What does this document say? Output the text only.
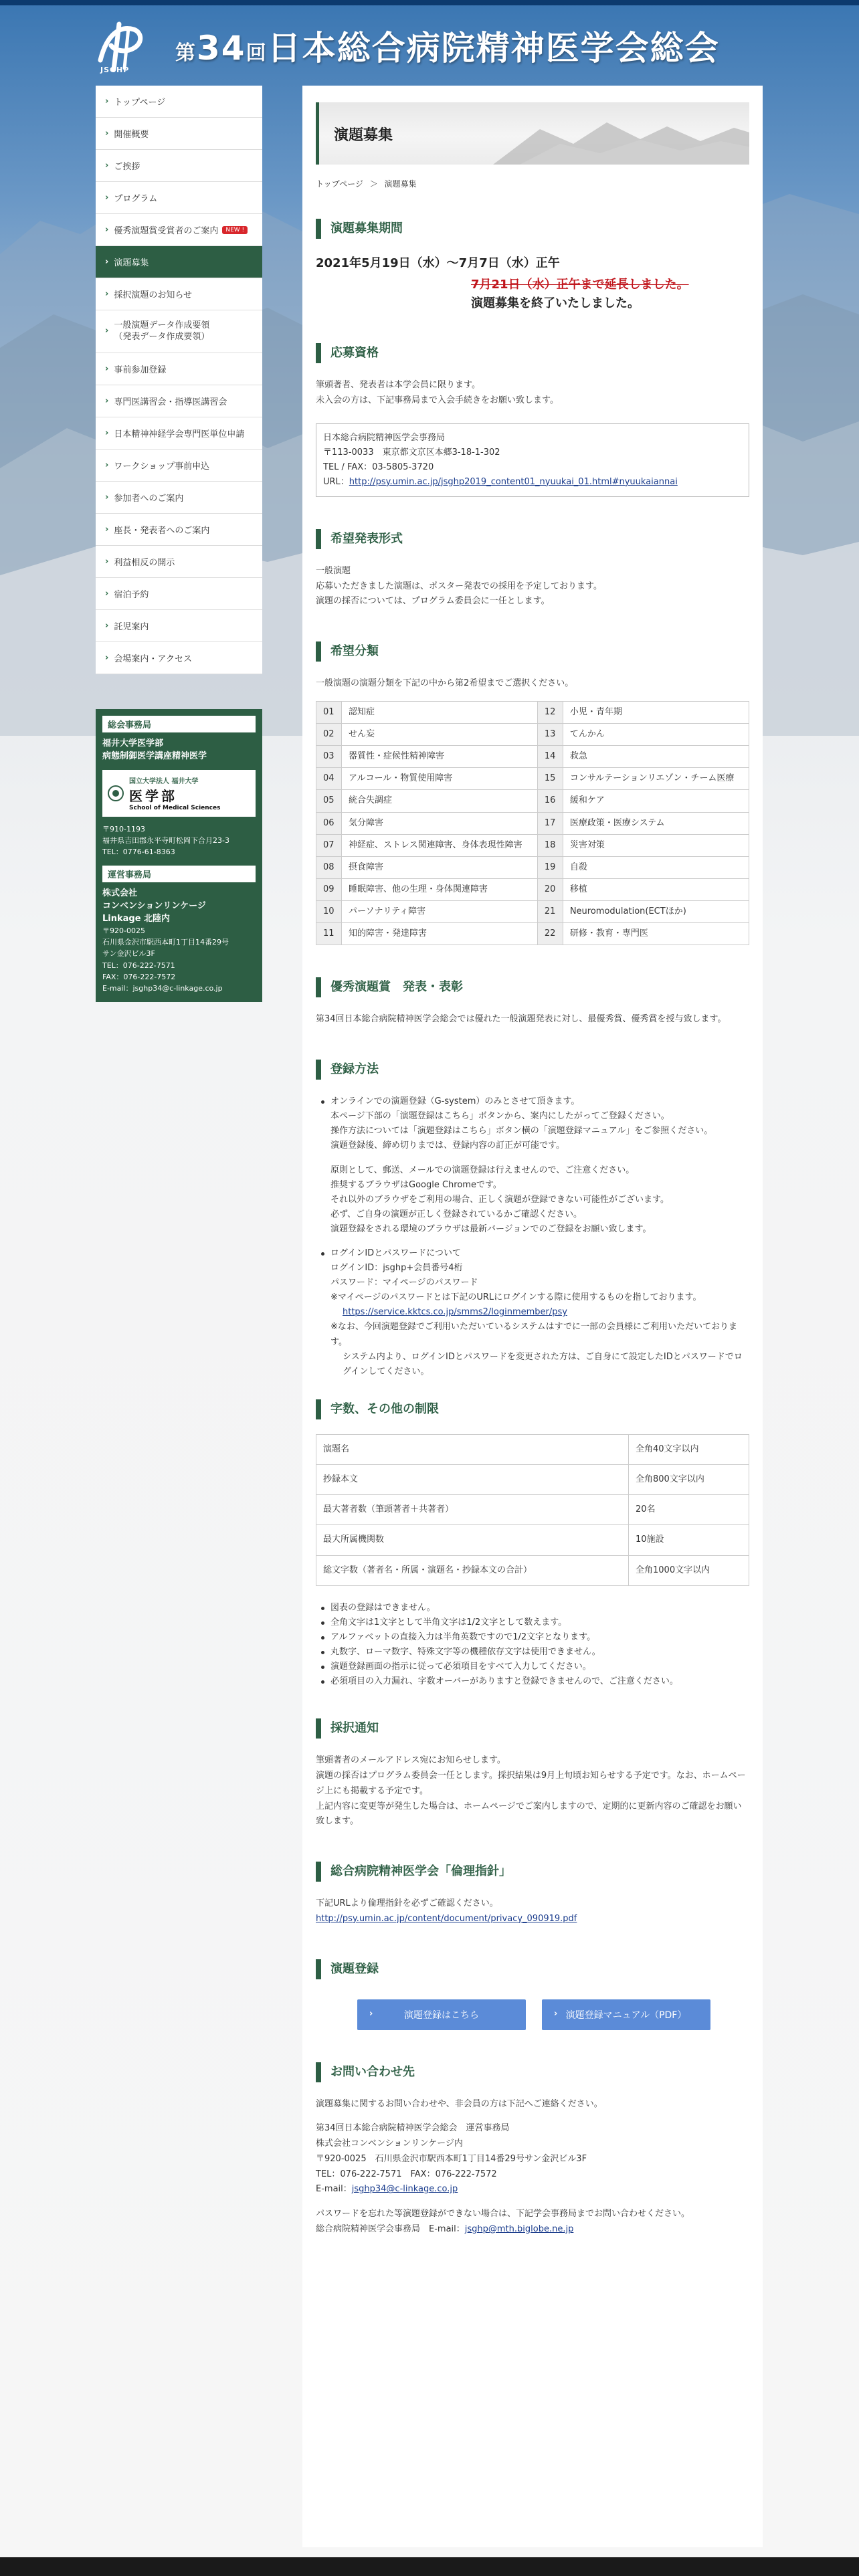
JSGHP
第34回日本総合病院精神医学会総会
› トップページ
› 開催概要
› ご挨拶
› プログラム
› 優秀演題賞受賞者のご案内	NEW !
› 演題募集
› 採択演題のお知らせ
›
一般演題データ作成要領
（発表データ作成要領）
› 事前参加登録
› 専門医講習会・指導医講習会
› 日本精神神経学会専門医単位申請
› ワークショップ事前申込
› 参加者へのご案内
› 座長・発表者へのご案内
› 利益相反の開示
› 宿泊予約
› 託児案内
› 会場案内・アクセス
総会事務局
福井大学医学部
病態制御医学講座精神医学
国立大学法人 福井大学
医学部
School of Medical Sciences
〒910-1193
福井県吉田郡永平寺町松岡下合月23-3
TEL：0776-61-8363
運営事務局
株式会社
コンベンションリンケージ
Linkage 北陸内
〒920-0025
石川県金沢市駅西本町1丁目14番29号
サン金沢ビル3F
TEL：076-222-7571
FAX：076-222-7572
E-mail：jsghp34@c-linkage.co.jp
演題募集
トップページ ＞ 演題募集
演題募集期間
2021年5月19日（水）～7月7日（水）正午
7月21日（水）正午まで延長しました。
演題募集を終了いたしました。
応募資格
筆頭著者、発表者は本学会員に限ります。
未入会の方は、下記事務局まで入会手続きをお願い致します。
日本総合病院精神医学会事務局
〒113-0033　東京都文京区本郷3-18-1-302
TEL / FAX：03-5805-3720
URL：http://psy.umin.ac.jp/jsghp2019_content01_nyuukai_01.html#nyuukaiannai
希望発表形式
一般演題
応募いただきました演題は、ポスター発表での採用を予定しております。
演題の採否については、プログラム委員会に一任とします。
希望分類
一般演題の演題分類を下記の中から第2希望までご選択ください。
01	認知症	12	小児・青年期
02	せん妄	13	てんかん
03	器質性・症候性精神障害	14	救急
04	アルコール・物質使用障害	15	コンサルテーションリエゾン・チーム医療
05	統合失調症	16	緩和ケア
06	気分障害	17	医療政策・医療システム
07	神経症、ストレス関連障害、身体表現性障害	18	災害対策
08	摂食障害	19	自殺
09	睡眠障害、他の生理・身体関連障害	20	移植
10	パーソナリティ障害	21	Neuromodulation(ECTほか)
11	知的障害・発達障害	22	研修・教育・専門医
優秀演題賞　発表・表彰
第34回日本総合病院精神医学会総会では優れた一般演題発表に対し、最優秀賞、優秀賞を授与致します。
登録方法
オンラインでの演題登録（G-system）のみとさせて頂きます。
本ページ下部の「演題登録はこちら」ボタンから、案内にしたがってご登録ください。
操作方法については「演題登録はこちら」ボタン横の「演題登録マニュアル」をご参照ください。
演題登録後、締め切りまでは、登録内容の訂正が可能です。
原則として、郵送、メールでの演題登録は行えませんので、ご注意ください。
推奨するブラウザはGoogle Chromeです。
それ以外のブラウザをご利用の場合、正しく演題が登録できない可能性がございます。
必ず、ご自身の演題が正しく登録されているかご確認ください。
演題登録をされる環境のブラウザは最新バージョンでのご登録をお願い致します。
ログインIDとパスワードについて
ログインID：jsghp+会員番号4桁
パスワード：マイページのパスワード
※マイページのパスワードとは下記のURLにログインする際に使用するものを指しております。
https://service.kktcs.co.jp/smms2/loginmember/psy
※なお、今回演題登録でご利用いただいているシステムはすでに一部の会員様にご利用いただいております。
システム内より、ログインIDとパスワードを変更された方は、ご自身にて設定したIDとパスワードでログインしてください。
字数、その他の制限
演題名	全角40文字以内
抄録本文	全角800文字以内
最大著者数（筆頭著者＋共著者）	20名
最大所属機関数	10施設
総文字数（著者名・所属・演題名・抄録本文の合計）	全角1000文字以内
図表の登録はできません。
全角文字は1文字として半角文字は1/2文字として数えます。
アルファベットの直接入力は半角英数ですので1/2文字となります。
丸数字、ローマ数字、特殊文字等の機種依存文字は使用できません。
演題登録画面の指示に従って必須項目をすべて入力してください。
必須項目の入力漏れ、字数オーバーがありますと登録できませんので、ご注意ください。
採択通知
筆頭著者のメールアドレス宛にお知らせします。
演題の採否はプログラム委員会一任とします。採択結果は9月上旬頃お知らせする予定です。なお、ホームページ上にも掲載する予定です。
上記内容に変更等が発生した場合は、ホームページでご案内しますので、定期的に更新内容のご確認をお願い致します。
総合病院精神医学会「倫理指針」
下記URLより倫理指針を必ずご確認ください。
http://psy.umin.ac.jp/content/document/privacy_090919.pdf
演題登録
›	演題登録はこちら	› 演題登録マニュアル（PDF）
お問い合わせ先
演題募集に関するお問い合わせや、非会員の方は下記へご連絡ください。
第34回日本総合病院精神医学会総会　運営事務局
株式会社コンベンションリンケージ内
〒920-0025　石川県金沢市駅西本町1丁目14番29号サン金沢ビル3F
TEL：076-222-7571　FAX：076-222-7572
E-mail：jsghp34@c-linkage.co.jp
パスワードを忘れた等演題登録ができない場合は、下記学会事務局までお問い合わせください。
総合病院精神医学会事務局　E-mail：jsghp@mth.biglobe.ne.jp
